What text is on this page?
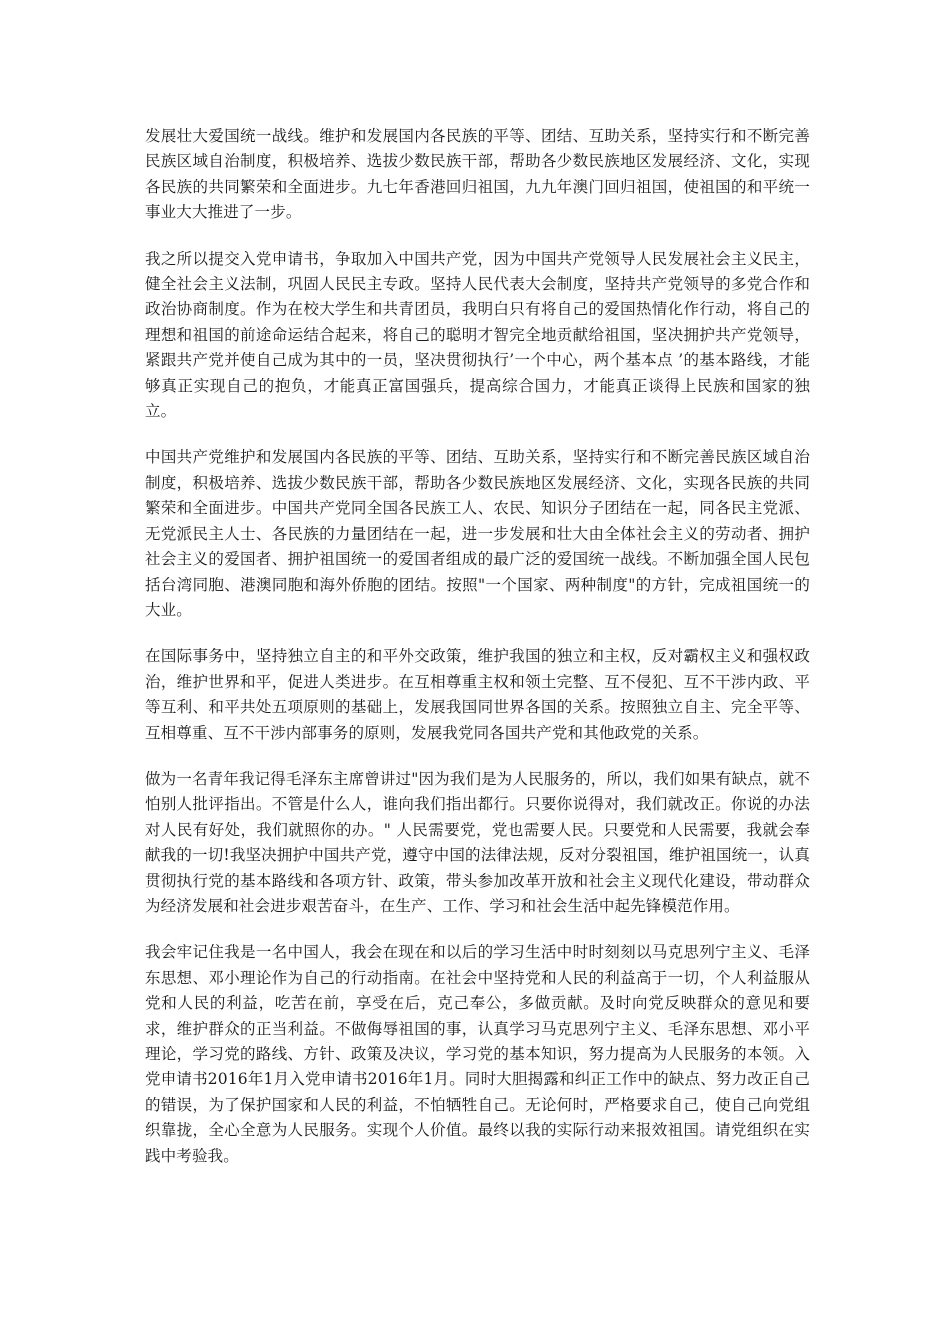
发展壮大爱国统一战线。维护和发展国内各民族的平等、团结、互助关系，坚持实行和不断完善民族区域自治制度，积极培养、选拔少数民族干部，帮助各少数民族地区发展经济、文化，实现各民族的共同繁荣和全面进步。九七年香港回归祖国，九九年澳门回归祖国，使祖国的和平统一事业大大推进了一步。

我之所以提交入党申请书，争取加入中国共产党，因为中国共产党领导人民发展社会主义民主，健全社会主义法制，巩固人民民主专政。坚持人民代表大会制度，坚持共产党领导的多党合作和政治协商制度。作为在校大学生和共青团员，我明白只有将自己的爱国热情化作行动，将自己的理想和祖国的前途命运结合起来，将自己的聪明才智完全地贡献给祖国，坚决拥护共产党领导，紧跟共产党并使自己成为其中的一员，坚决贯彻执行’一个中心，两个基本点 ’的基本路线，才能够真正实现自己的抱负，才能真正富国强兵，提高综合国力，才能真正谈得上民族和国家的独立。

中国共产党维护和发展国内各民族的平等、团结、互助关系，坚持实行和不断完善民族区域自治制度，积极培养、选拔少数民族干部，帮助各少数民族地区发展经济、文化，实现各民族的共同繁荣和全面进步。中国共产党同全国各民族工人、农民、知识分子团结在一起，同各民主党派、无党派民主人士、各民族的力量团结在一起，进一步发展和壮大由全体社会主义的劳动者、拥护社会主义的爱国者、拥护祖国统一的爱国者组成的最广泛的爱国统一战线。不断加强全国人民包括台湾同胞、港澳同胞和海外侨胞的团结。按照"一个国家、两种制度"的方针，完成祖国统一的大业。

在国际事务中，坚持独立自主的和平外交政策，维护我国的独立和主权，反对霸权主义和强权政治，维护世界和平，促进人类进步。在互相尊重主权和领土完整、互不侵犯、互不干涉内政、平等互利、和平共处五项原则的基础上，发展我国同世界各国的关系。按照独立自主、完全平等、互相尊重、互不干涉内部事务的原则，发展我党同各国共产党和其他政党的关系。

做为一名青年我记得毛泽东主席曾讲过"因为我们是为人民服务的，所以，我们如果有缺点，就不怕别人批评指出。不管是什么人，谁向我们指出都行。只要你说得对，我们就改正。你说的办法对人民有好处，我们就照你的办。" 人民需要党，党也需要人民。只要党和人民需要，我就会奉献我的一切!我坚决拥护中国共产党，遵守中国的法律法规，反对分裂祖国，维护祖国统一，认真贯彻执行党的基本路线和各项方针、政策，带头参加改革开放和社会主义现代化建设，带动群众为经济发展和社会进步艰苦奋斗，在生产、工作、学习和社会生活中起先锋模范作用。

我会牢记住我是一名中国人，我会在现在和以后的学习生活中时时刻刻以马克思列宁主义、毛泽东思想、邓小理论作为自己的行动指南。在社会中坚持党和人民的利益高于一切，个人利益服从党和人民的利益，吃苦在前，享受在后，克己奉公，多做贡献。及时向党反映群众的意见和要求，维护群众的正当利益。不做侮辱祖国的事，认真学习马克思列宁主义、毛泽东思想、邓小平理论，学习党的路线、方针、政策及决议，学习党的基本知识，努力提高为人民服务的本领。入党申请书2016年1月入党申请书2016年1月。同时大胆揭露和纠正工作中的缺点、努力改正自己的错误，为了保护国家和人民的利益，不怕牺牲自己。无论何时，严格要求自己，使自己向党组织靠拢，全心全意为人民服务。实现个人价值。最终以我的实际行动来报效祖国。请党组织在实践中考验我。
